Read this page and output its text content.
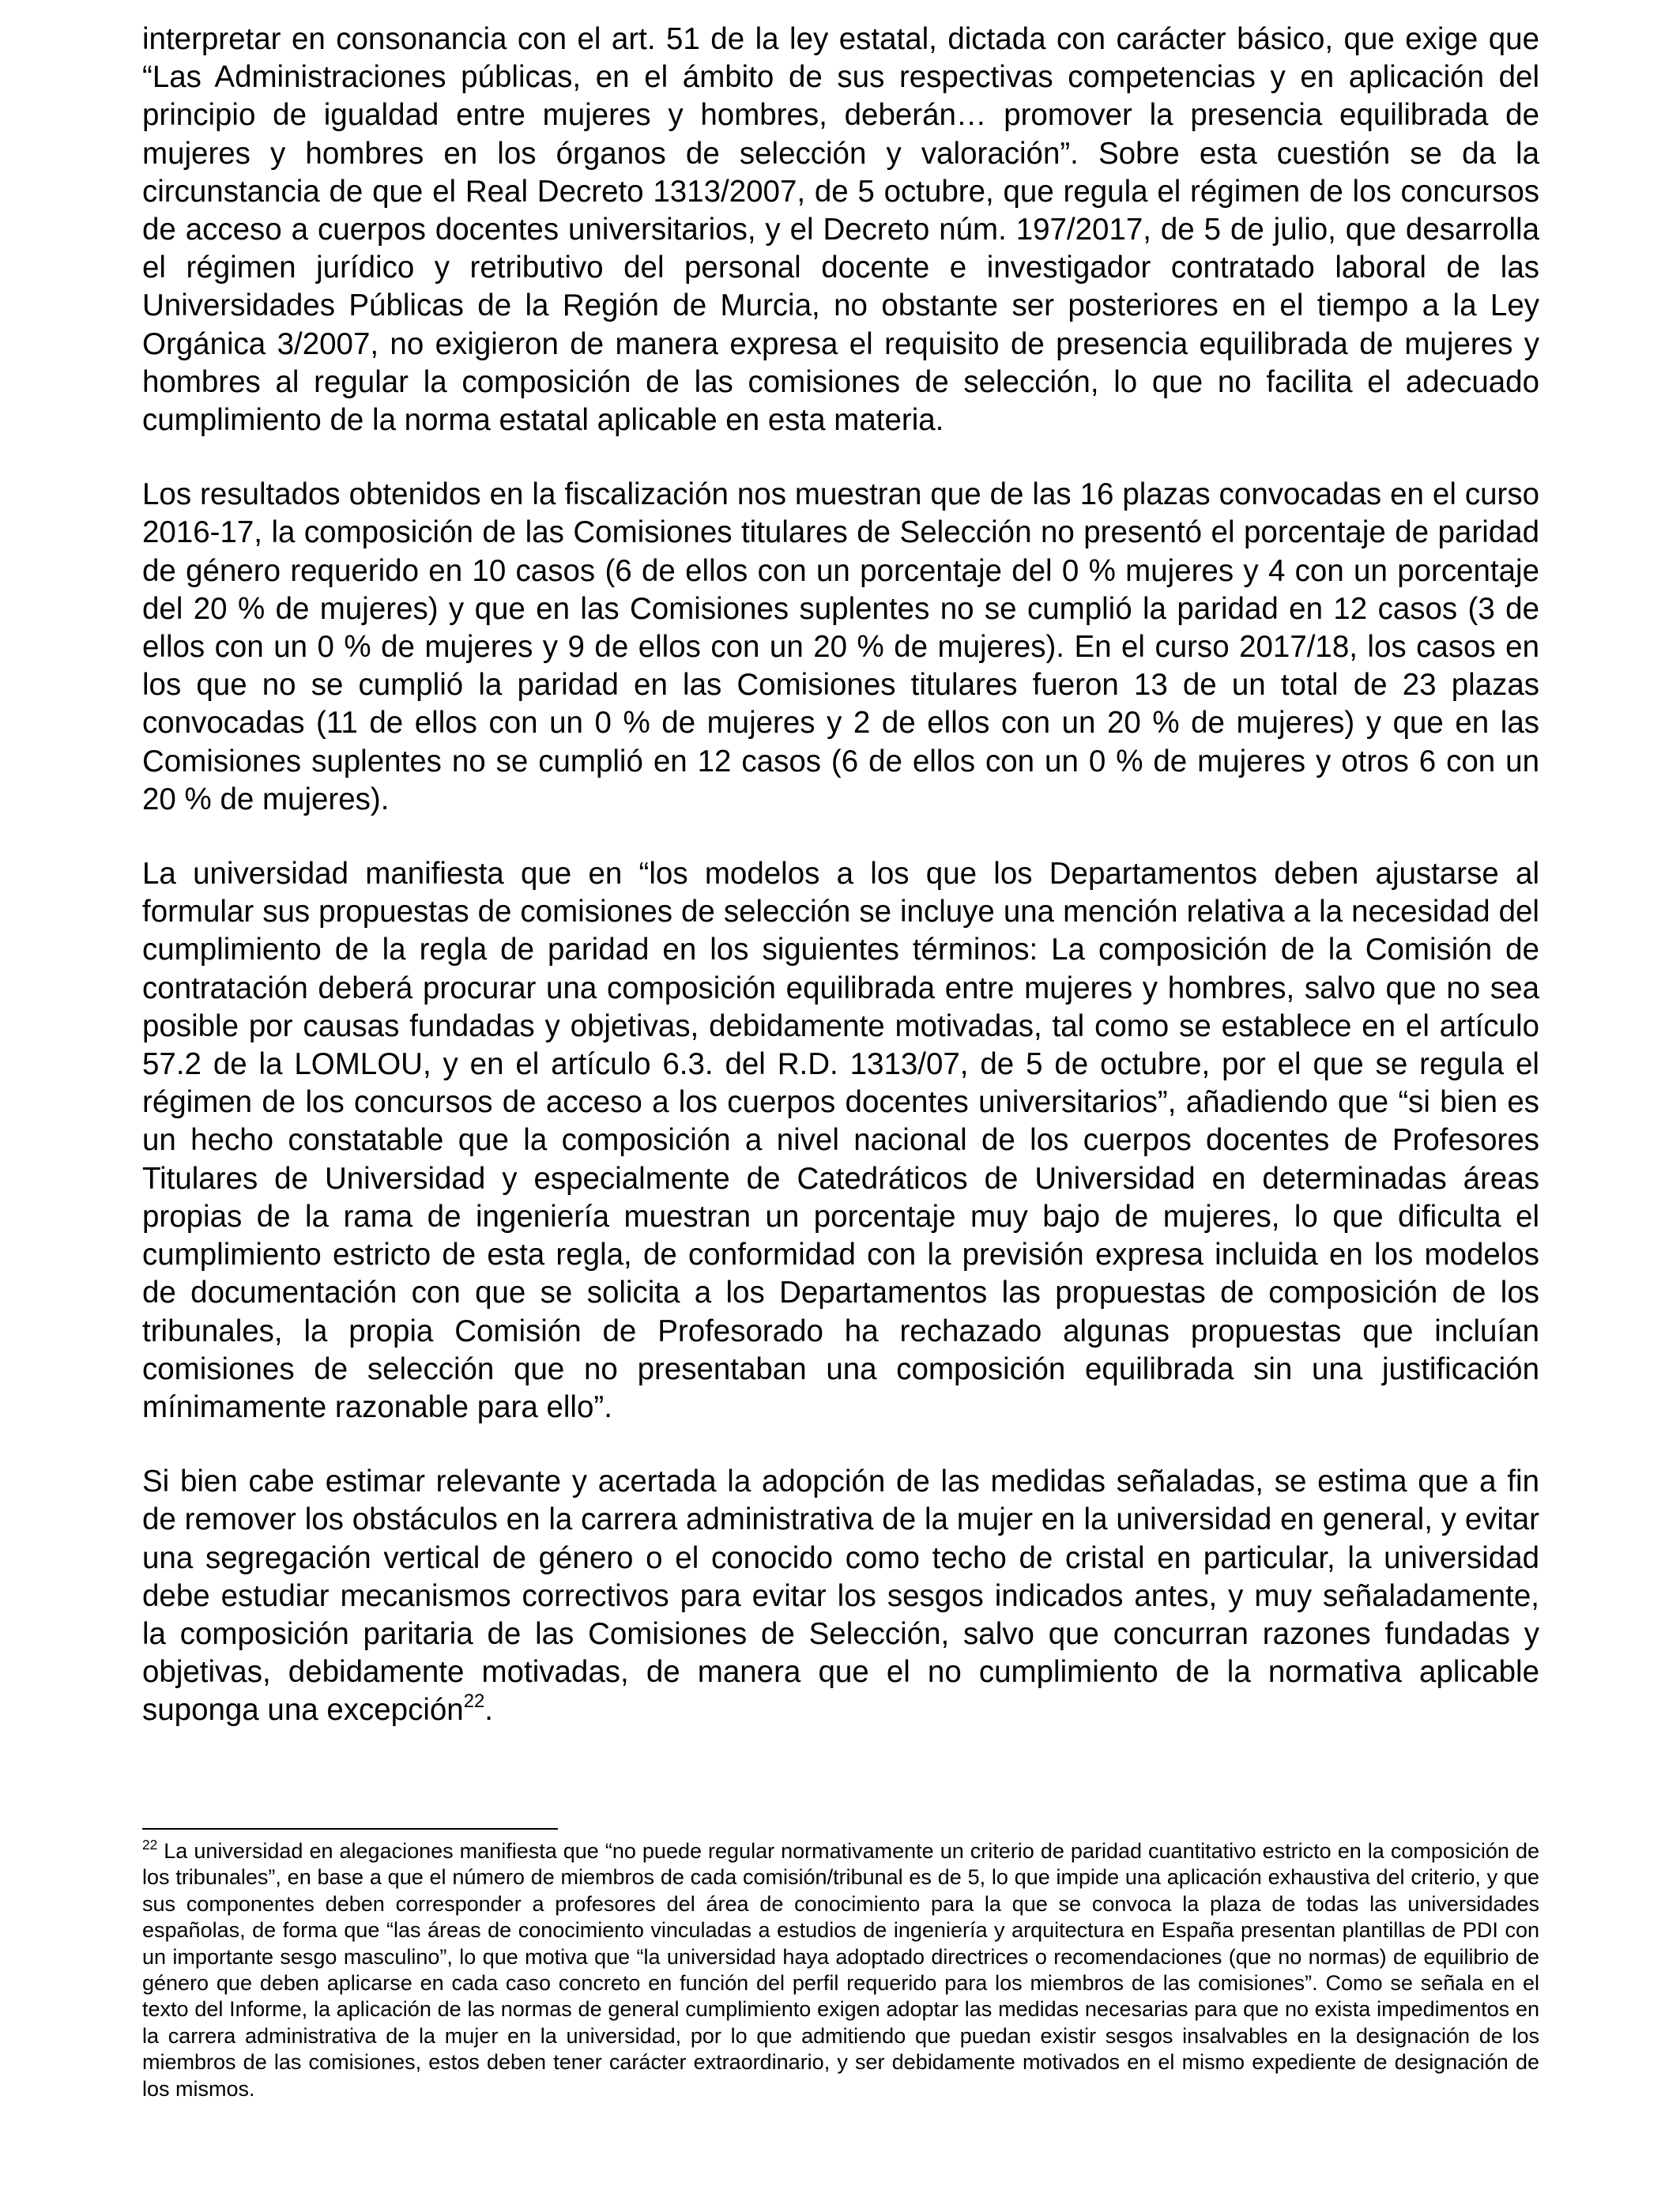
interpretar en consonancia con el art. 51 de la ley estatal, dictada con carácter básico, que exige que “Las Administraciones públicas, en el ámbito de sus respectivas competencias y en aplicación del principio de igualdad entre mujeres y hombres, deberán… promover la presencia equilibrada de mujeres y hombres en los órganos de selección y valoración”. Sobre esta cuestión se da la circunstancia de que el Real Decreto 1313/2007, de 5 octubre, que regula el régimen de los concursos de acceso a cuerpos docentes universitarios, y el Decreto núm. 197/2017, de 5 de julio, que desarrolla el régimen jurídico y retributivo del personal docente e investigador contratado laboral de las Universidades Públicas de la Región de Murcia, no obstante ser posteriores en el tiempo a la Ley Orgánica 3/2007, no exigieron de manera expresa el requisito de presencia equilibrada de mujeres y hombres al regular la composición de las comisiones de selección, lo que no facilita el adecuado cumplimiento de la norma estatal aplicable en esta materia.

Los resultados obtenidos en la fiscalización nos muestran que de las 16 plazas convocadas en el curso 2016-17, la composición de las Comisiones titulares de Selección no presentó el porcentaje de paridad de género requerido en 10 casos (6 de ellos con un porcentaje del 0 % mujeres y 4 con un porcentaje del 20 % de mujeres) y que en las Comisiones suplentes no se cumplió la paridad en 12 casos (3 de ellos con un 0 % de mujeres y 9 de ellos con un 20 % de mujeres). En el curso 2017/18, los casos en los que no se cumplió la paridad en las Comisiones titulares fueron 13 de un total de 23 plazas convocadas (11 de ellos con un 0 % de mujeres y 2 de ellos con un 20 % de mujeres) y que en las Comisiones suplentes no se cumplió en 12 casos (6 de ellos con un 0 % de mujeres y otros 6 con un 20 % de mujeres).

La universidad manifiesta que en “los modelos a los que los Departamentos deben ajustarse al formular sus propuestas de comisiones de selección se incluye una mención relativa a la necesidad del cumplimiento de la regla de paridad en los siguientes términos: La composición de la Comisión de contratación deberá procurar una composición equilibrada entre mujeres y hombres, salvo que no sea posible por causas fundadas y objetivas, debidamente motivadas, tal como se establece en el artículo 57.2 de la LOMLOU, y en el artículo 6.3. del R.D. 1313/07, de 5 de octubre, por el que se regula el régimen de los concursos de acceso a los cuerpos docentes universitarios”, añadiendo que “si bien es un hecho constatable que la composición a nivel nacional de los cuerpos docentes de Profesores Titulares de Universidad y especialmente de Catedráticos de Universidad en determinadas áreas propias de la rama de ingeniería muestran un porcentaje muy bajo de mujeres, lo que dificulta el cumplimiento estricto de esta regla, de conformidad con la previsión expresa incluida en los modelos de documentación con que se solicita a los Departamentos las propuestas de composición de los tribunales, la propia Comisión de Profesorado ha rechazado algunas propuestas que incluían comisiones de selección que no presentaban una composición equilibrada sin una justificación mínimamente razonable para ello”.

Si bien cabe estimar relevante y acertada la adopción de las medidas señaladas, se estima que a fin de remover los obstáculos en la carrera administrativa de la mujer en la universidad en general, y evitar una segregación vertical de género o el conocido como techo de cristal en particular, la universidad debe estudiar mecanismos correctivos para evitar los sesgos indicados antes, y muy señaladamente, la composición paritaria de las Comisiones de Selección, salvo que concurran razones fundadas y objetivas, debidamente motivadas, de manera que el no cumplimiento de la normativa aplicable suponga una excepción$^{22}$.

$^{22}$ La universidad en alegaciones manifiesta que “no puede regular normativamente un criterio de paridad cuantitativo estricto en la composición de los tribunales”, en base a que el número de miembros de cada comisión/tribunal es de 5, lo que impide una aplicación exhaustiva del criterio, y que sus componentes deben corresponder a profesores del área de conocimiento para la que se convoca la plaza de todas las universidades españolas, de forma que “las áreas de conocimiento vinculadas a estudios de ingeniería y arquitectura en España presentan plantillas de PDI con un importante sesgo masculino”, lo que motiva que “la universidad haya adoptado directrices o recomendaciones (que no normas) de equilibrio de género que deben aplicarse en cada caso concreto en función del perfil requerido para los miembros de las comisiones”. Como se señala en el texto del Informe, la aplicación de las normas de general cumplimiento exigen adoptar las medidas necesarias para que no exista impedimentos en la carrera administrativa de la mujer en la universidad, por lo que admitiendo que puedan existir sesgos insalvables en la designación de los miembros de las comisiones, estos deben tener carácter extraordinario, y ser debidamente motivados en el mismo expediente de designación de los mismos.
